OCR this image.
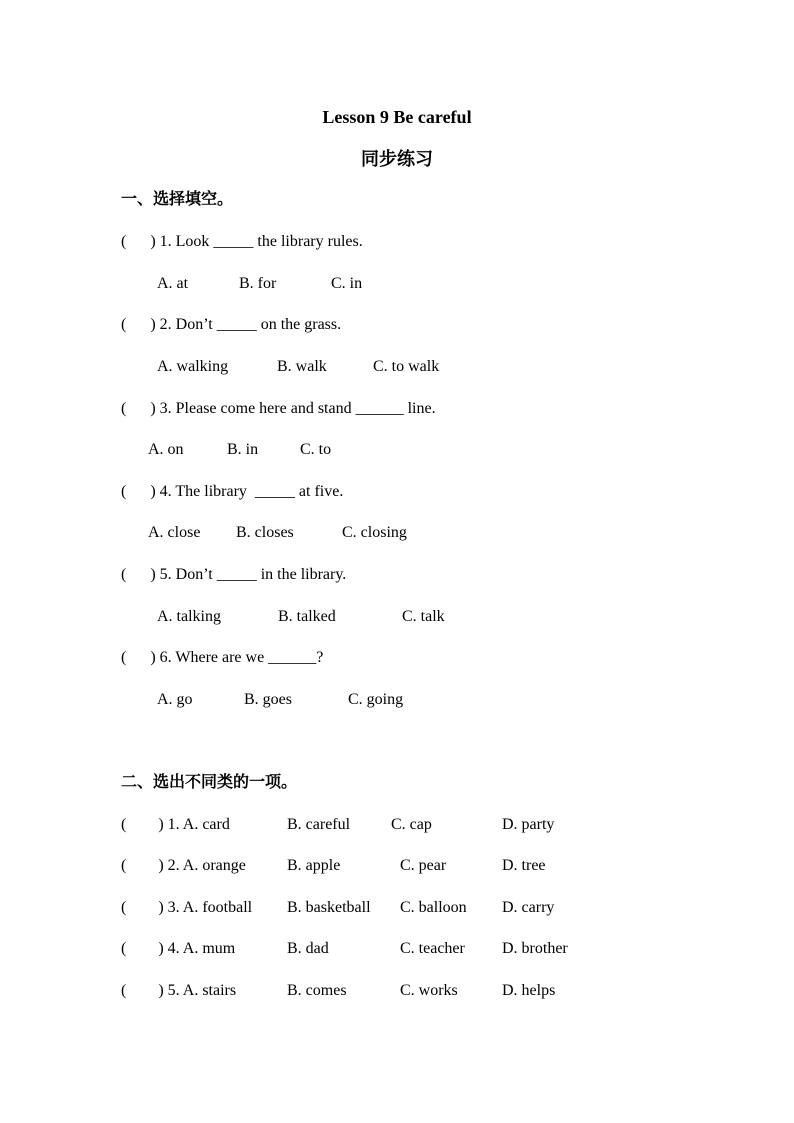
Lesson 9 Be careful
同步练习
一、选择填空。
(      ) 1. Look _____ the library rules.
A. at	B. for	C. in
(      ) 2. Don’t _____ on the grass.
A. walking	B. walk	C. to walk
(      ) 3. Please come here and stand ______ line.
A. on	B. in	C. to
(      ) 4. The library  _____ at five.
A. close B. closes	C. closing
(      ) 5. Don’t _____ in the library.
A. talking	B. talked	C. talk
(      ) 6. Where are we ______?
A. go	B. goes	C. going
二、选出不同类的一项。
(        ) 1. A. card	B. careful	C. cap	D. party
(        ) 2. A. orange	B. apple	C. pear	D. tree
(        ) 3. A. football B. basketball C. balloon D. carry
(        ) 4. A. mum	B. dad	C. teacher D. brother
(        ) 5. A. stairs	B. comes	C. works	D. helps
